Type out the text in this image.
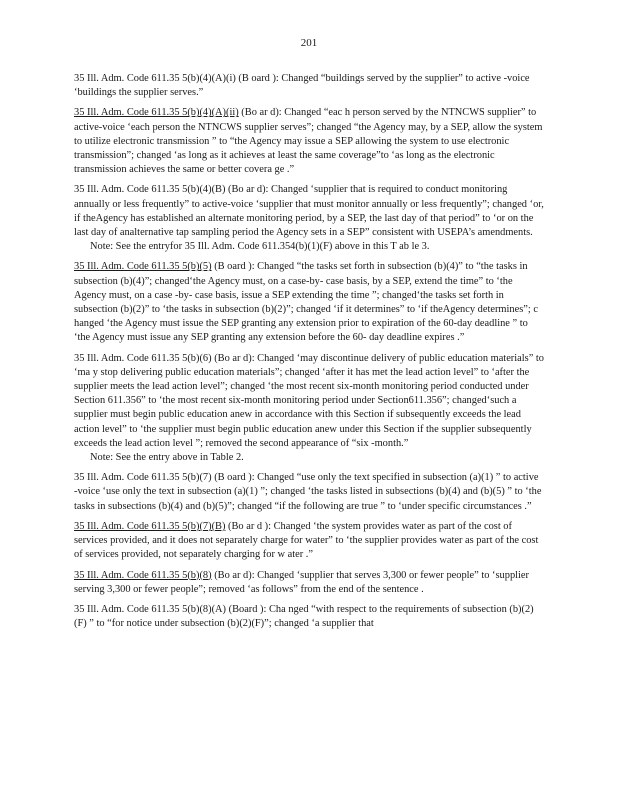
201
35 Ill. Adm. Code 611.35 5(b)(4)(A)(i) (B oard ): Changed “buildings served by the supplier” to active -voice ‘buildings the supplier serves.”
35 Ill. Adm. Code 611.35 5(b)(4)(A)(ii) (Bo ar d): Changed “eac h person served by the NTNCWS supplier” to active-voice ‘each person the NTNCWS supplier serves”; changed “the Agency may, by a SEP, allow the system to utilize electronic transmission ” to “the Agency may issue a SEP allowing the system to use electronic transmission”; changed ‘as long as it achieves at least the same coverage”to ‘as long as the electronic transmission achieves the same or better covera ge .”
35 Ill. Adm. Code 611.35 5(b)(4)(B) (Bo ar d): Changed ‘supplier that is required to conduct monitoring annually or less frequently” to active-voice ‘supplier that must monitor annually or less frequently”; changed ‘or, if theAgency has established an alternate monitoring period, by a SEP, the last day of that period” to ‘or on the last day of analternative tap sampling period the Agency sets in a SEP” consistent with USEPA’s amendments.
Note: See the entryfor 35 Ill. Adm. Code 611.354(b)(1)(F) above in this T ab le 3.
35 Ill. Adm. Code 611.35 5(b)(5) (B oard ): Changed “the tasks set forth in subsection (b)(4)” to “the tasks in subsection (b)(4)”; changed‘the Agency must, on a case-by- case basis, by a SEP, extend the time” to ‘the Agency must, on a case -by- case basis, issue a SEP extending the time ”; changed‘the tasks set forth in subsection (b)(2)” to ‘the tasks in subsection (b)(2)”; changed ‘if it determines” to ‘if theAgency determines”; c hanged ‘the Agency must issue the SEP granting any extension prior to expiration of the 60-day deadline ” to ‘the Agency must issue any SEP granting any extension before the 60- day deadline expires .”
35 Ill. Adm. Code 611.35 5(b)(6) (Bo ar d): Changed ‘may discontinue delivery of public education materials” to ‘ma y stop delivering public education materials”; changed ‘after it has met the lead action level” to ‘after the supplier meets the lead action level”; changed ‘the most recent six-month monitoring period conducted under Section 611.356” to ‘the most recent six-month monitoring period under Section611.356”; changed‘such a supplier must begin public education anew in accordance with this Section if subsequently exceeds the lead action level” to ‘the supplier must begin public education anew under this Section if the supplier subsequently exceeds the lead action level ”; removed the second appearance of “six -month.”
Note: See the entry above in Table 2.
35 Ill. Adm. Code 611.35 5(b)(7) (B oard ): Changed “use only the text specified in subsection (a)(1) ” to active -voice ‘use only the text in subsection (a)(1) ”; changed ‘the tasks listed in subsections (b)(4) and (b)(5) ” to ‘the tasks in subsections (b)(4) and (b)(5)”; changed “if the following are true ” to ‘under specific circumstances .”
35 Ill. Adm. Code 611.35 5(b)(7)(B) (Bo ar d ): Changed ‘the system provides water as part of the cost of services provided, and it does not separately charge for water” to ‘the supplier provides water as part of the cost of services provided, not separately charging for w ater .”
35 Ill. Adm. Code 611.35 5(b)(8) (Bo ar d): Changed ‘supplier that serves 3,300 or fewer people” to ‘supplier serving 3,300 or fewer people”; removed ‘as follows” from the end of the sentence .
35 Ill. Adm. Code 611.35 5(b)(8)(A) (Board ): Cha nged “with respect to the requirements of subsection (b)(2)(F) ” to “for notice under subsection (b)(2)(F)”; changed ‘a supplier that
